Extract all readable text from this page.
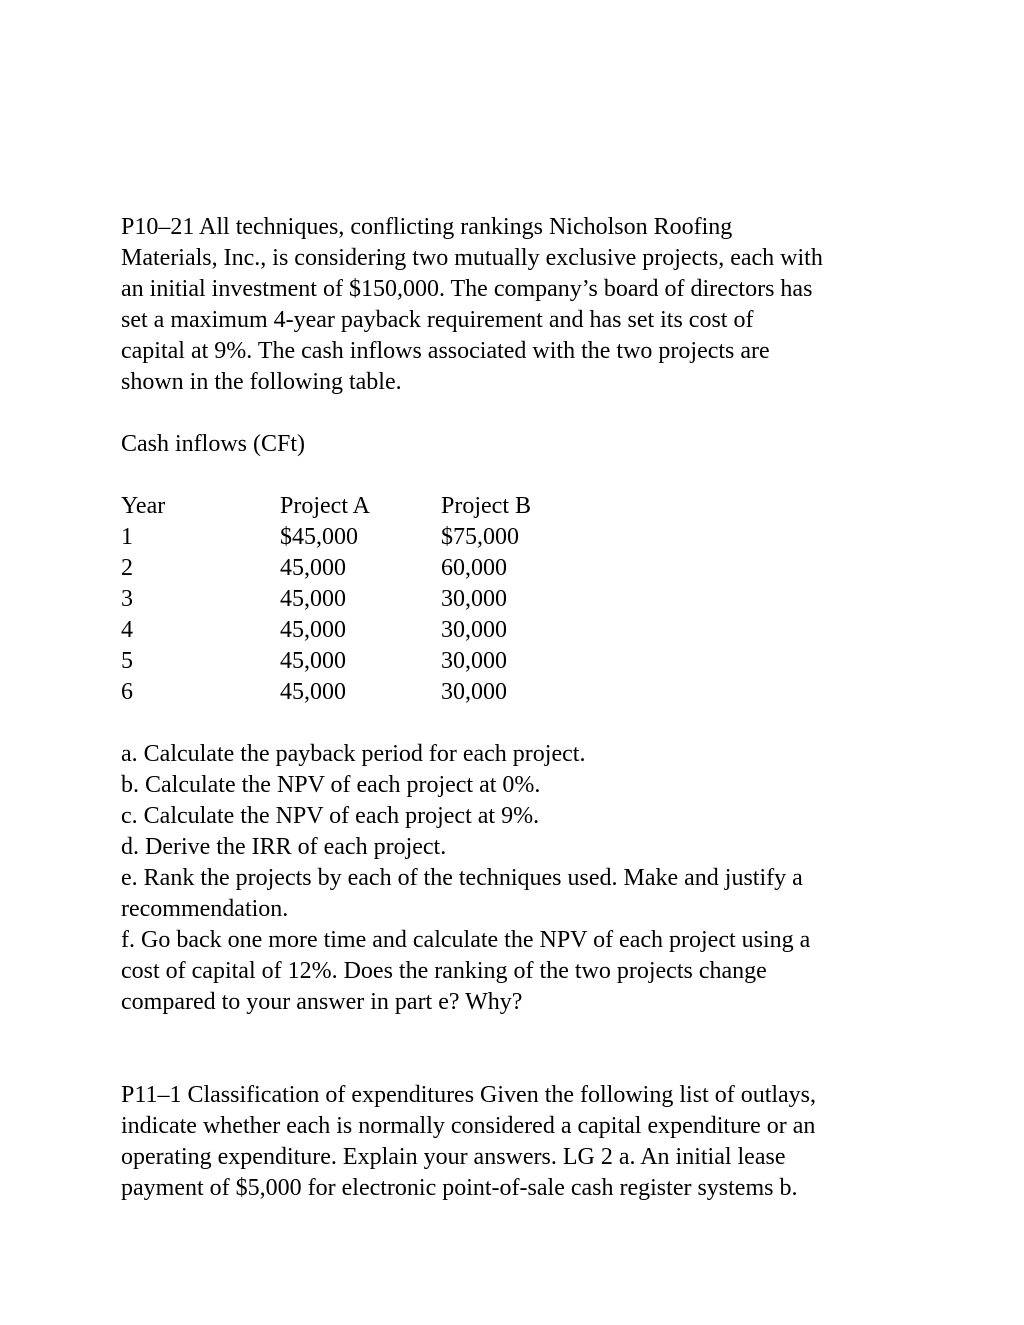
P10–21 All techniques, conflicting rankings Nicholson Roofing
Materials, Inc., is considering two mutually exclusive projects, each with
an initial investment of $150,000. The company’s board of directors has
set a maximum 4-year payback requirement and has set its cost of
capital at 9%. The cash inflows associated with the two projects are
shown in the following table.

Cash inflows (CFt)

Year	Project A	Project B
1	$45,000	$75,000
2	45,000	60,000
3	45,000	30,000
4	45,000	30,000
5	45,000	30,000
6	45,000	30,000

a. Calculate the payback period for each project.

b. Calculate the NPV of each project at 0%.

c. Calculate the NPV of each project at 9%.

d. Derive the IRR of each project.

e. Rank the projects by each of the techniques used. Make and justify a
recommendation.

f. Go back one more time and calculate the NPV of each project using a
cost of capital of 12%. Does the ranking of the two projects change
compared to your answer in part e? Why?

P11–1 Classification of expenditures Given the following list of outlays,
indicate whether each is normally considered a capital expenditure or an
operating expenditure. Explain your answers. LG 2 a. An initial lease
payment of $5,000 for electronic point-of-sale cash register systems b.
